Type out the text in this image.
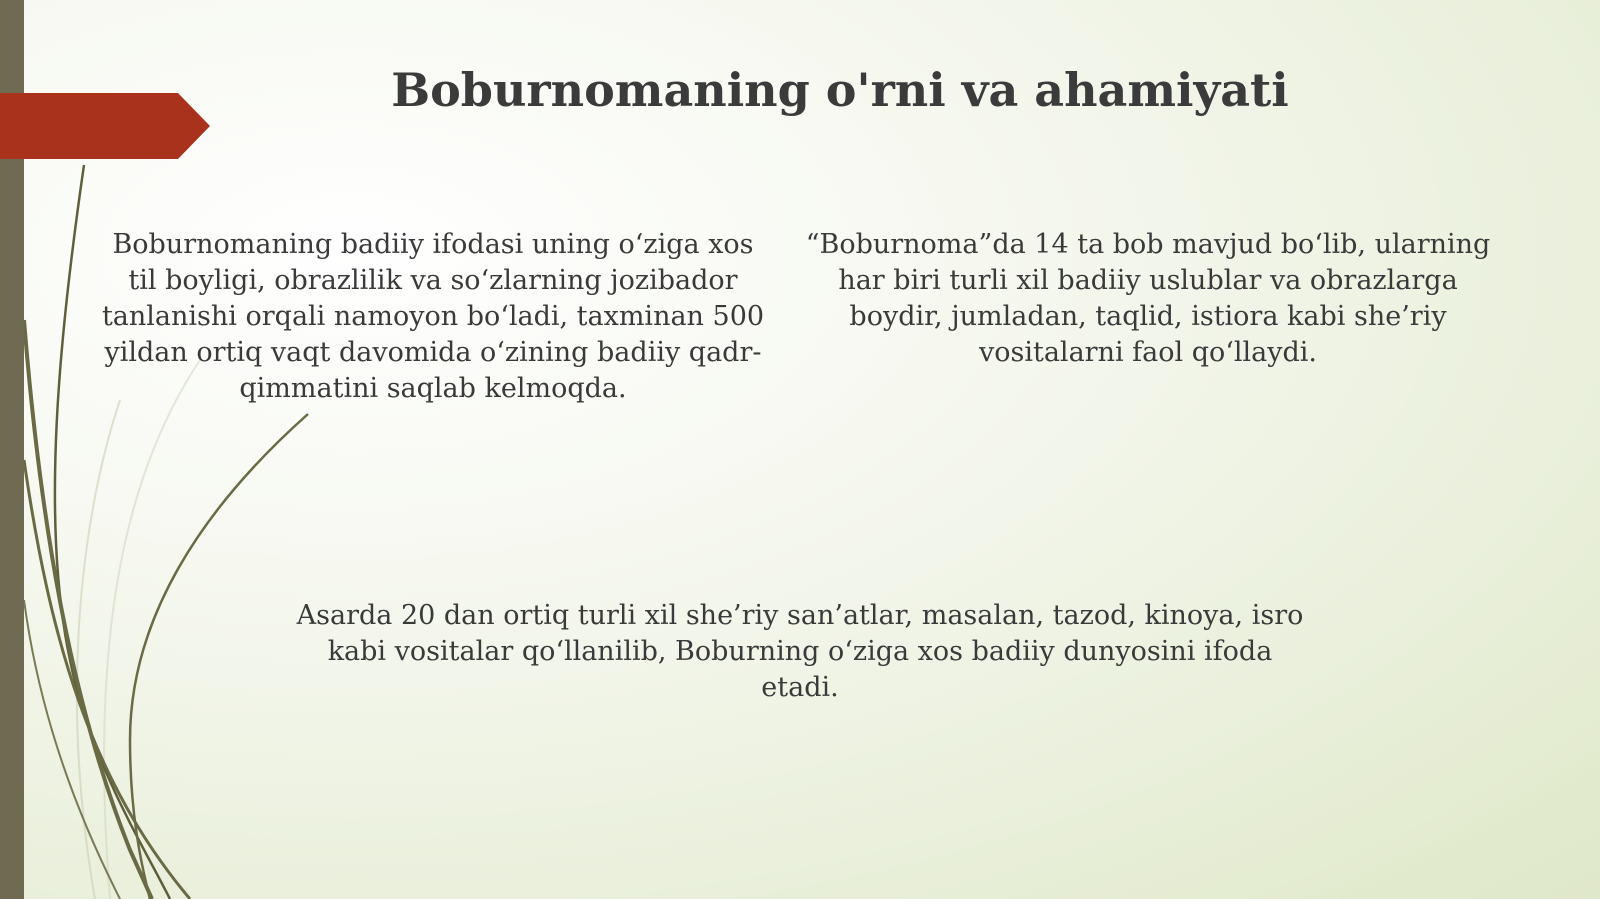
Boburnomaning o'rni va ahamiyati

Boburnomaning badiiy ifodasi uning o‘ziga xos til boyligi, obrazlilik va so‘zlarning jozibador tanlanishi orqali namoyon bo‘ladi, taxminan 500 yildan ortiq vaqt davomida o‘zining badiiy qadr-qimmatini saqlab kelmoqda.

“Boburnoma”da 14 ta bob mavjud bo‘lib, ularning har biri turli xil badiiy uslublar va obrazlarga boydir, jumladan, taqlid, istiora kabi she’riy vositalarni faol qo‘llaydi.

Asarda 20 dan ortiq turli xil she’riy san’atlar, masalan, tazod, kinoya, isro kabi vositalar qo‘llanilib, Boburning o‘ziga xos badiiy dunyosini ifoda etadi.
